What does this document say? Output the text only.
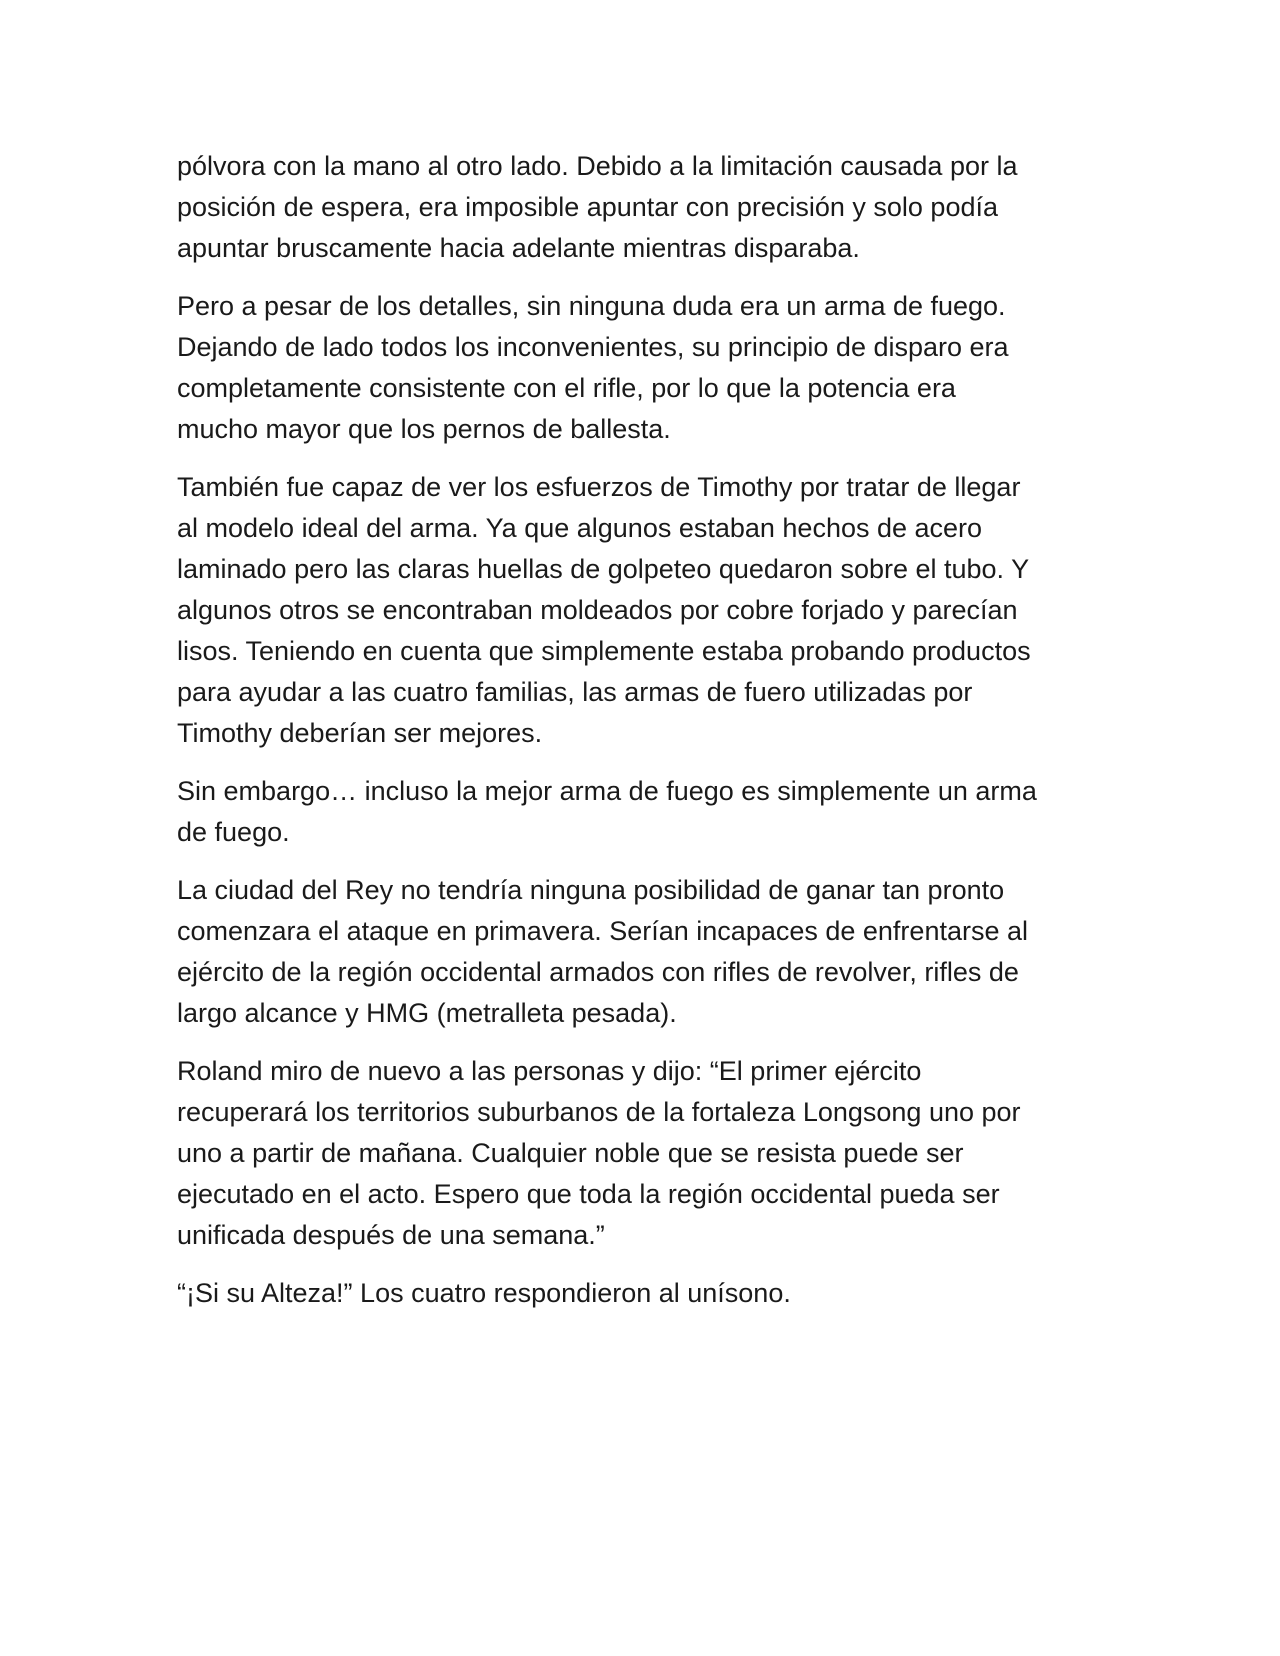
pólvora con la mano al otro lado. Debido a la limitación causada por la
posición de espera, era imposible apuntar con precisión y solo podía
apuntar bruscamente hacia adelante mientras disparaba.

Pero a pesar de los detalles, sin ninguna duda era un arma de fuego.
Dejando de lado todos los inconvenientes, su principio de disparo era
completamente consistente con el rifle, por lo que la potencia era
mucho mayor que los pernos de ballesta.

También fue capaz de ver los esfuerzos de Timothy por tratar de llegar
al modelo ideal del arma. Ya que algunos estaban hechos de acero
laminado pero las claras huellas de golpeteo quedaron sobre el tubo. Y
algunos otros se encontraban moldeados por cobre forjado y parecían
lisos. Teniendo en cuenta que simplemente estaba probando productos
para ayudar a las cuatro familias, las armas de fuero utilizadas por
Timothy deberían ser mejores.

Sin embargo… incluso la mejor arma de fuego es simplemente un arma
de fuego.

La ciudad del Rey no tendría ninguna posibilidad de ganar tan pronto
comenzara el ataque en primavera. Serían incapaces de enfrentarse al
ejército de la región occidental armados con rifles de revolver, rifles de
largo alcance y HMG (metralleta pesada).

Roland miro de nuevo a las personas y dijo: “El primer ejército
recuperará los territorios suburbanos de la fortaleza Longsong uno por
uno a partir de mañana. Cualquier noble que se resista puede ser
ejecutado en el acto. Espero que toda la región occidental pueda ser
unificada después de una semana.”

“¡Si su Alteza!” Los cuatro respondieron al unísono.
